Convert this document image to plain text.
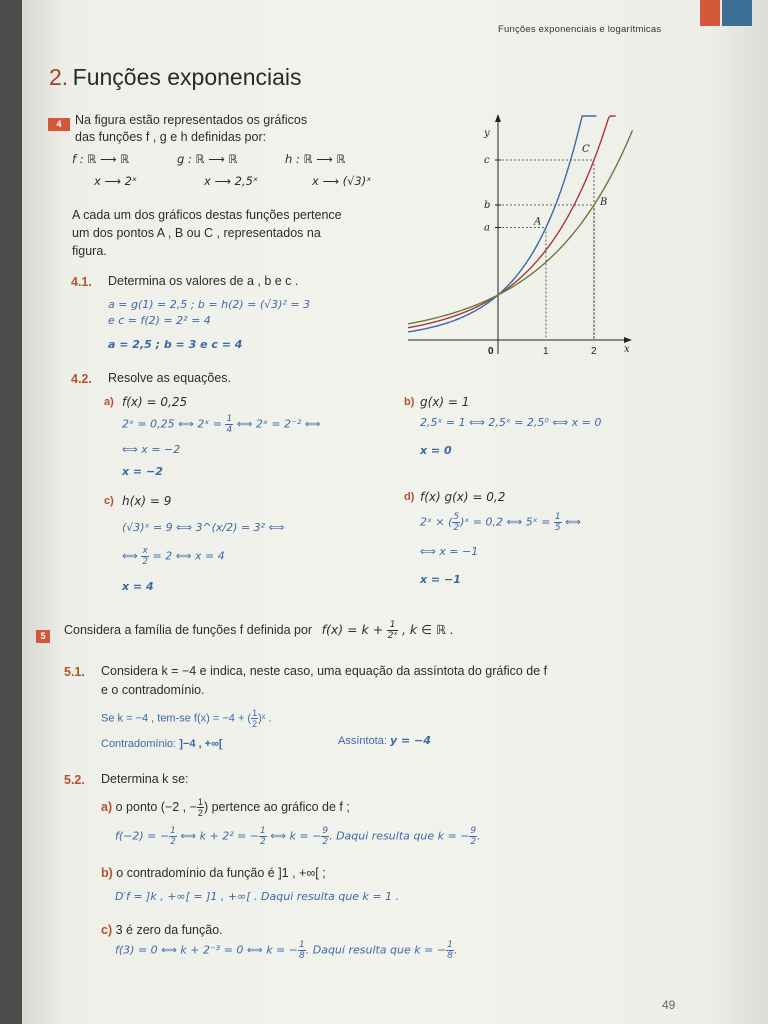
Funções exponenciais e logarítmicas
2. Funções exponenciais
4	Na figura estão representados os gráficos
das funções f , g e h definidas por:
f : ℝ ⟶ ℝ
x ⟶ 2ˣ
g : ℝ ⟶ ℝ
x ⟶ 2,5ˣ
h : ℝ ⟶ ℝ
x ⟶ (√3)ˣ
A cada um dos gráficos destas funções pertence
um dos pontos A , B ou C , representados na
figura.
4.1. Determina os valores de a , b e c .
a = g(1) = 2,5 ; b = h(2) = (√3)² = 3
e c = f(2) = 2² = 4
a = 2,5 ; b = 3 e c = 4	x
y
0	1	2
a
b
c
A
B
C
4.2. Resolve as equações.
a) f(x) = 0,25
2ˣ = 0,25 ⟺ 2ˣ = $\frac{1}{4}$ ⟺ 2ˣ = 2⁻² ⟺
⟺ x = −2
x = −2
b) g(x) = 1
2,5ˣ = 1 ⟺ 2,5ˣ = 2,5⁰ ⟺ x = 0
x = 0
c) h(x) = 9
(√3)ˣ = 9 ⟺ 3^(x/2) = 3² ⟺
⟺ $\frac{x}{2} = 2$ ⟺ x = 4
x = 4
d) f(x) g(x) = 0,2
2ˣ × ( $\frac{5}{2}$ )ˣ = 0,2 ⟺ 5ˣ = $\frac{1}{5}$ ⟺
⟺ x = −1
x = −1
5	Considera a família de funções f definida por $f(x) = k + \frac{1}{\text{2ˣ}}$ , k ∈ ℝ .
5.1. Considera k = −4 e indica, neste caso, uma equação da assíntota do gráfico de f
e o contradomínio.
Se k = −4 , tem-se f(x) = −4 + ( $\frac{1}{2}$ )ˣ .
Contradomínio: ]−4 , +∞[	Assíntota: y = −4
5.2. Determina k se:
a) o ponto (−2 , − $\frac{1}{2}$ ) pertence ao gráfico de f ;
f(−2) = − $\frac{1}{2}$ ⟺ k + 2² = − $\frac{1}{2}$ ⟺ k = − $\frac{9}{2}$ . Daqui resulta que k = − $\frac{9}{2}$ .
b) o contradomínio da função é ]1 , +∞[ ;
D′f = ]k , +∞[ = ]1 , +∞[ . Daqui resulta que k = 1 .
c) 3 é zero da função.
f(3) = 0 ⟺ k + 2⁻³ = 0 ⟺ k = − $\frac{1}{8}$ . Daqui resulta que k = − $\frac{1}{8}$ .
49
